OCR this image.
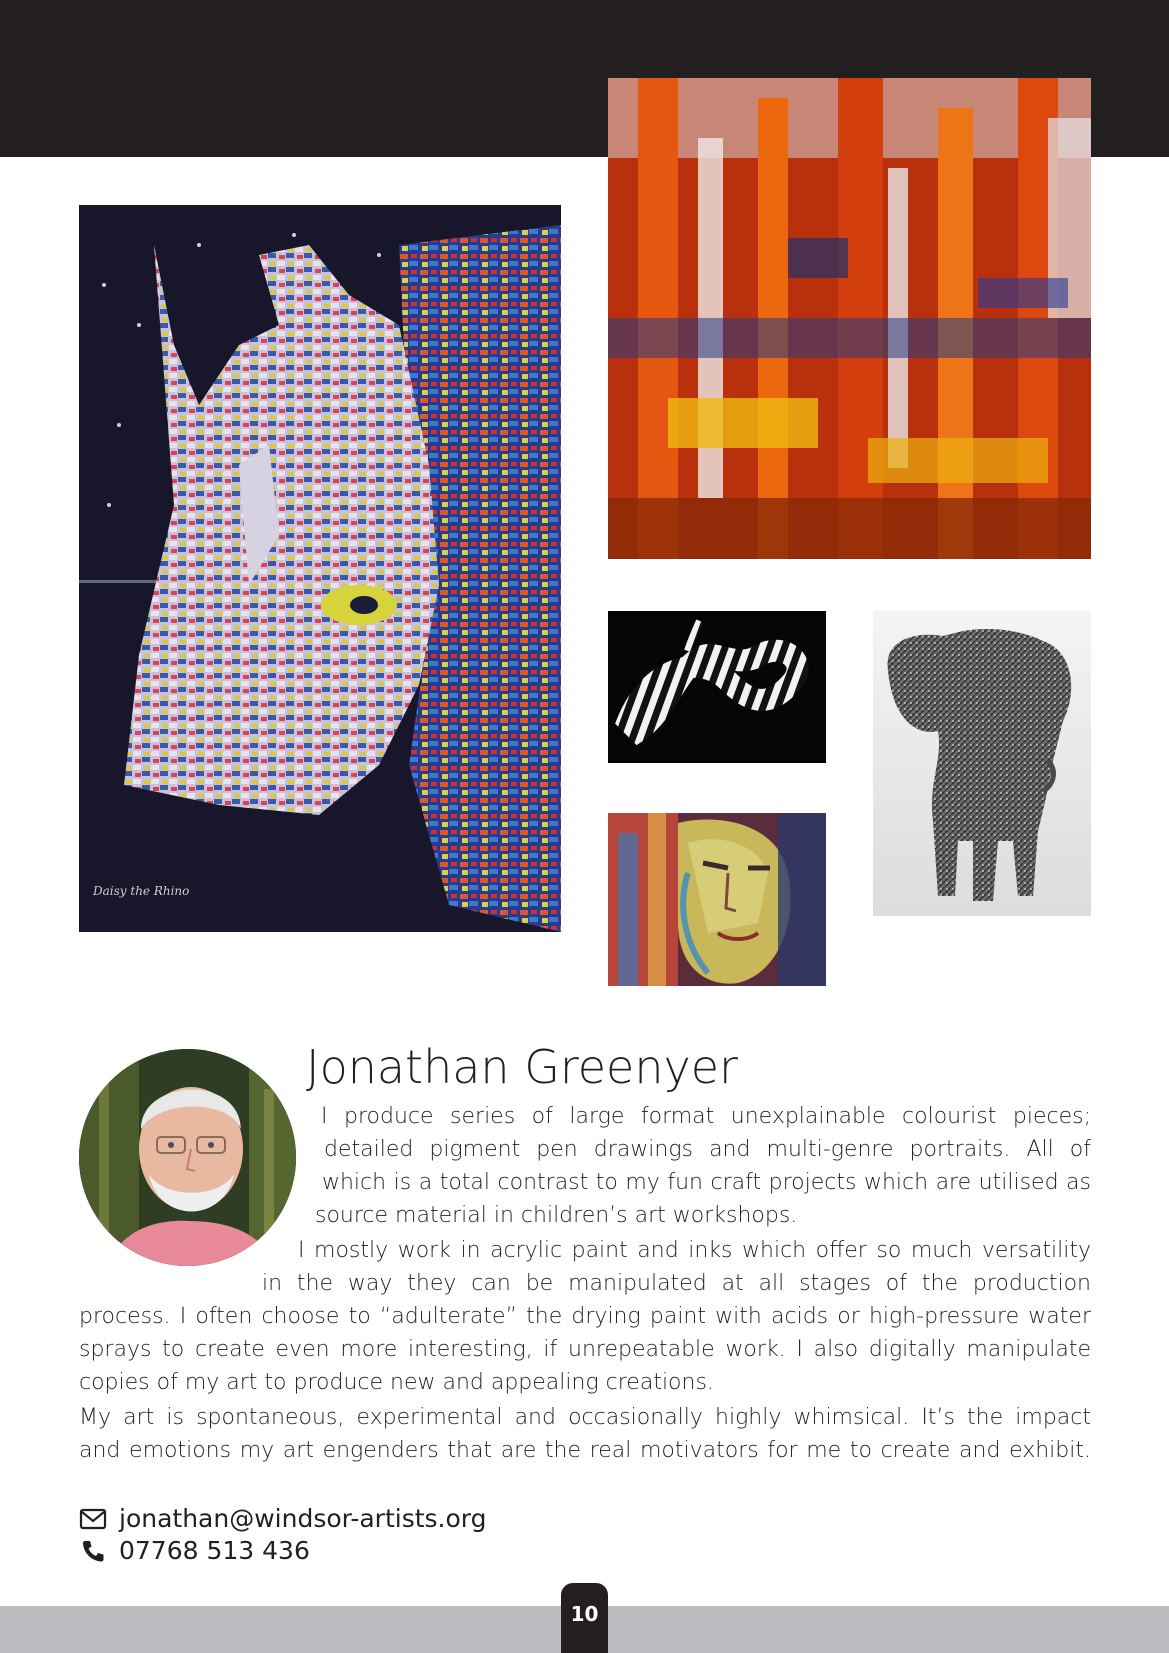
Daisy the Rhino
Jonathan Greenyer
I produce series of large format unexplainable colourist pieces;
detailed pigment pen drawings and multi-genre portraits. All of
which is a total contrast to my fun craft projects which are utilised as
source material in children’s art workshops.
I mostly work in acrylic paint and inks which offer so much versatility
in the way they can be manipulated at all stages of the production
process. I often choose to “adulterate” the drying paint with acids or high-pressure water
sprays to create even more interesting, if unrepeatable work. I also digitally manipulate
copies of my art to produce new and appealing creations.
My art is spontaneous, experimental and occasionally highly whimsical. It’s the impact
and emotions my art engenders that are the real motivators for me to create and exhibit.
jonathan@windsor-artists.org
07768 513 436
10
